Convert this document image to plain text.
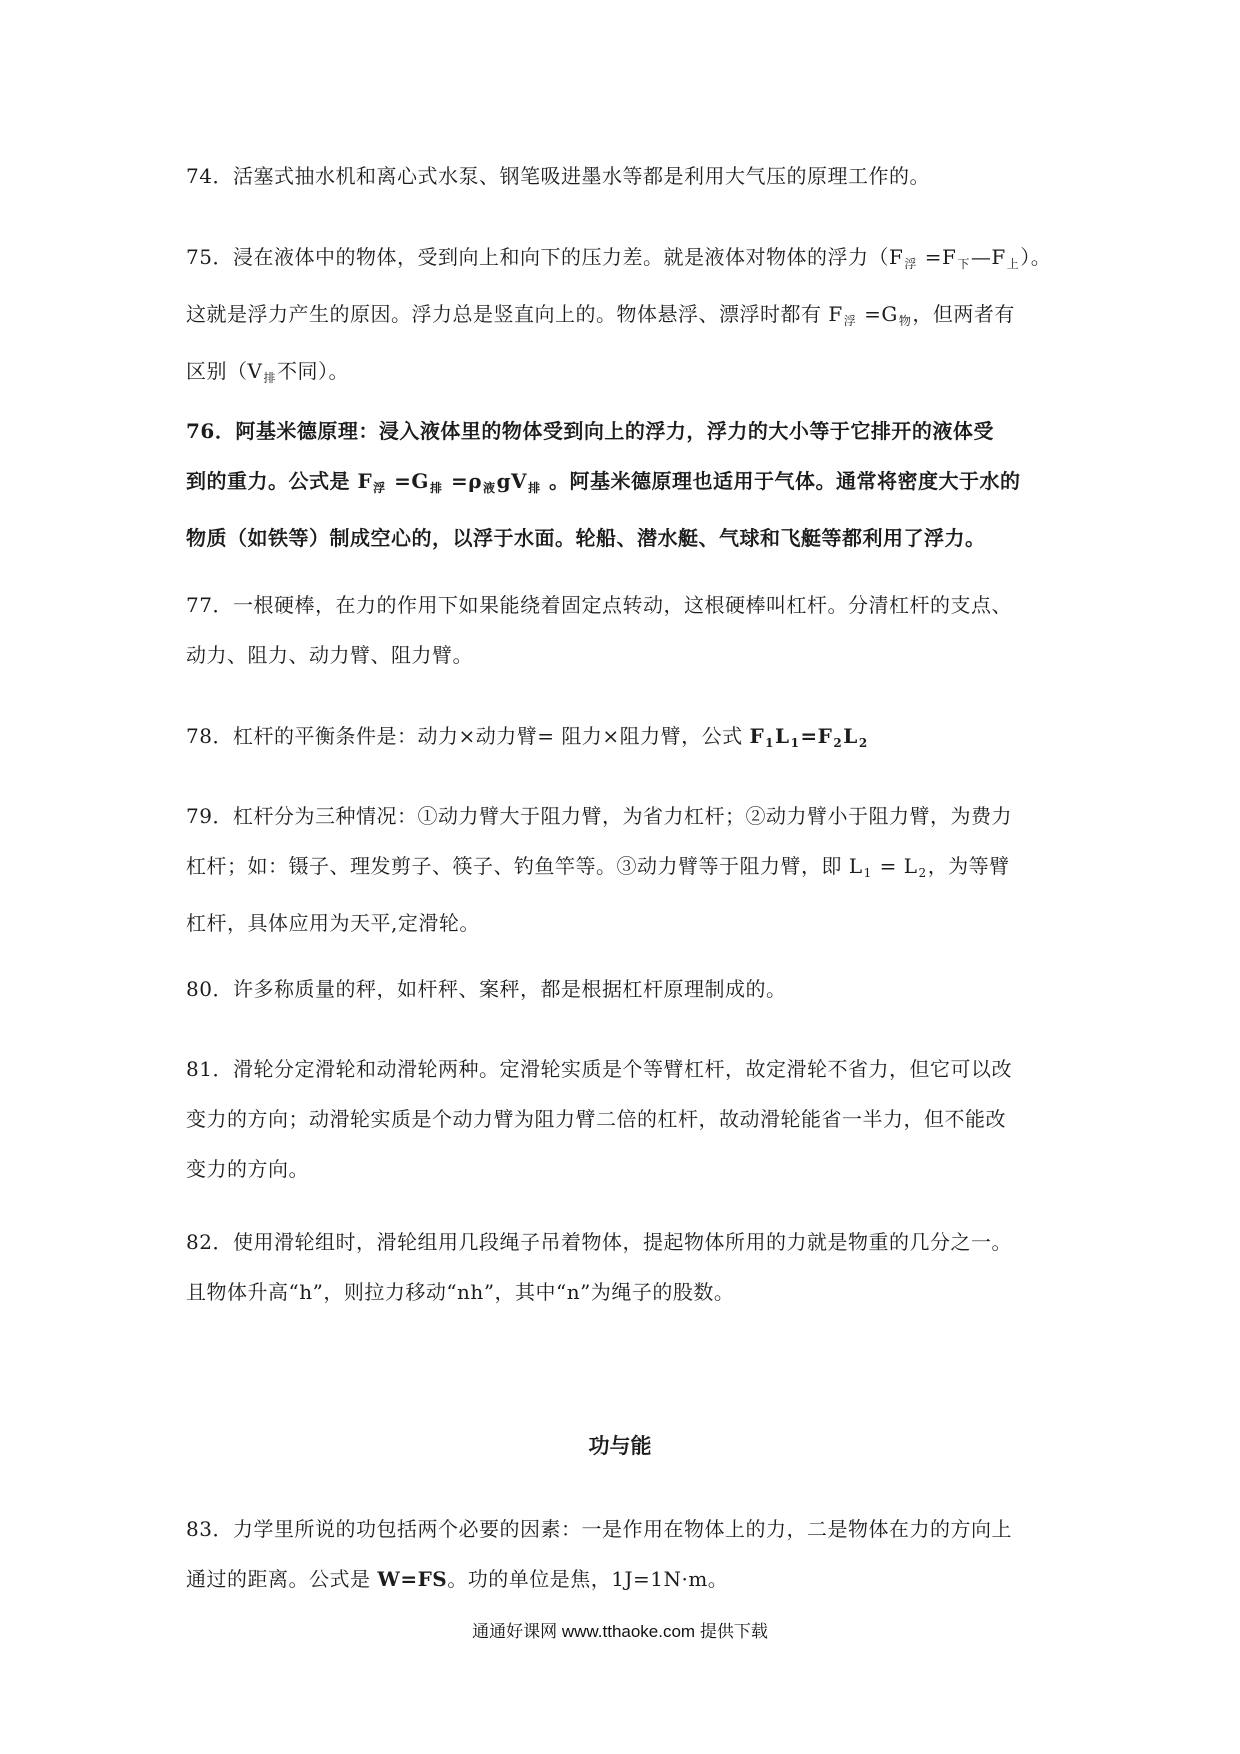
74．活塞式抽水机和离心式水泵、钢笔吸进墨水等都是利用大气压的原理工作的。

75．浸在液体中的物体，受到向上和向下的压力差。就是液体对物体的浮力（$F_浮$ $=F_下—F_上$）。
这就是浮力产生的原因。浮力总是竖直向上的。物体悬浮、漂浮时都有 $F_浮 =G_物$，但两者有
区别（$V_排$不同）。

76．阿基米德原理：浸入液体里的物体受到向上的浮力，浮力的大小等于它排开的液体受
到的重力。公式是 $F_浮 =G_排 =\rho_液gV_排$ 。阿基米德原理也适用于气体。通常将密度大于水的
物质（如铁等）制成空心的，以浮于水面。轮船、潜水艇、气球和飞艇等都利用了浮力。

77．一根硬棒，在力的作用下如果能绕着固定点转动，这根硬棒叫杠杆。分清杠杆的支点、
动力、阻力、动力臂、阻力臂。

78．杠杆的平衡条件是：动力×动力臂= 阻力×阻力臂，公式 $F_1L_1=F_2L_2$

79．杠杆分为三种情况：①动力臂大于阻力臂，为省力杠杆；②动力臂小于阻力臂，为费力
杠杆；如：镊子、理发剪子、筷子、钓鱼竿等。③动力臂等于阻力臂，即 $L_1 = L_2$，为等臂
杠杆，具体应用为天平,定滑轮。

80．许多称质量的秤，如杆秤、案秤，都是根据杠杆原理制成的。

81．滑轮分定滑轮和动滑轮两种。定滑轮实质是个等臂杠杆，故定滑轮不省力，但它可以改
变力的方向；动滑轮实质是个动力臂为阻力臂二倍的杠杆，故动滑轮能省一半力，但不能改
变力的方向。

82．使用滑轮组时，滑轮组用几段绳子吊着物体，提起物体所用的力就是物重的几分之一。
且物体升高“h”，则拉力移动“nh”，其中“n”为绳子的股数。

功与能

83．力学里所说的功包括两个必要的因素：一是作用在物体上的力，二是物体在力的方向上
通过的距离。公式是 W=FS。功的单位是焦，1J=1N·m。

通通好课网 www.tthaoke.com 提供下载
